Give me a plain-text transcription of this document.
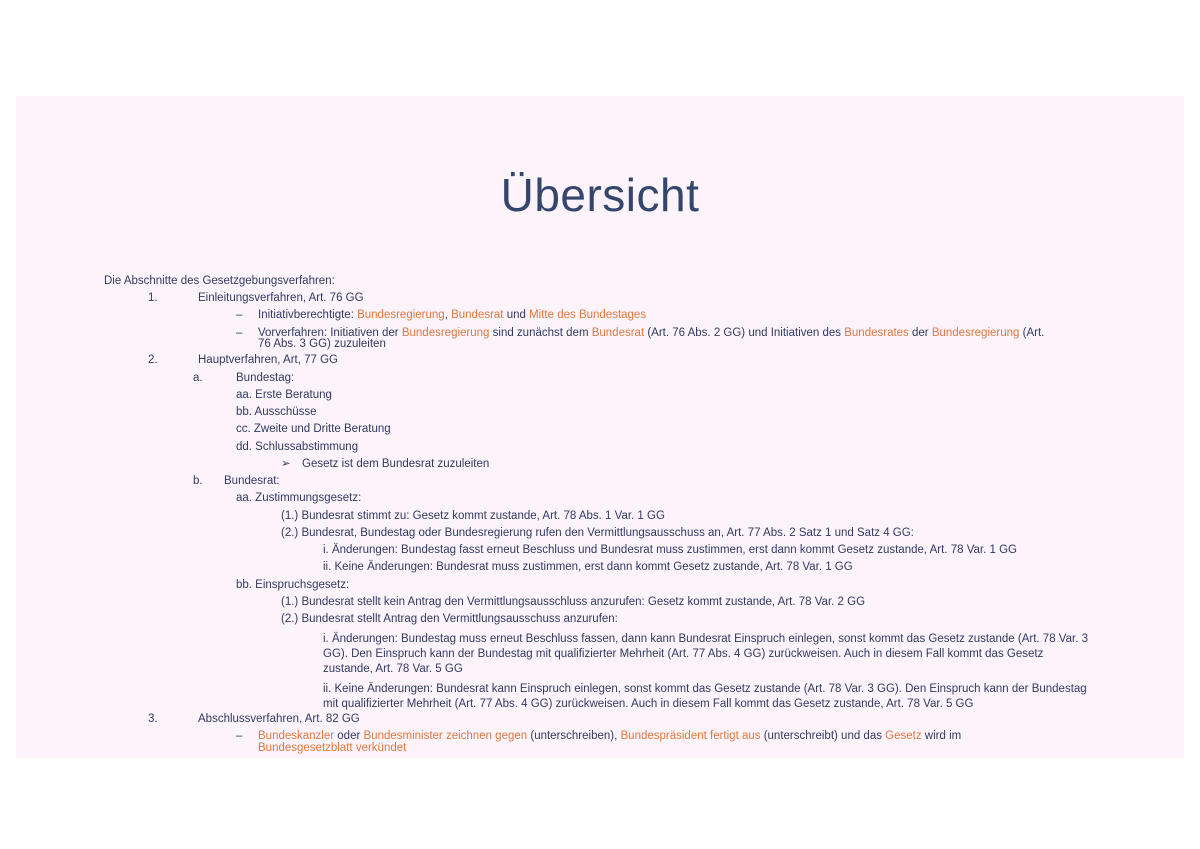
Übersicht
Die Abschnitte des Gesetzgebungsverfahren:
1.	Einleitungsverfahren, Art. 76 GG
– Initiativberechtigte: Bundesregierung, Bundesrat und Mitte des Bundestages
– Vorverfahren: Initiativen der Bundesregierung sind zunächst dem Bundesrat (Art. 76 Abs. 2 GG) und Initiativen des Bundesrates der Bundesregierung (Art.
76 Abs. 3 GG) zuzuleiten
2.	Hauptverfahren, Art, 77 GG
a.	Bundestag:
aa. Erste Beratung
bb. Ausschüsse
cc. Zweite und Dritte Beratung
dd. Schlussabstimmung
➢ Gesetz ist dem Bundesrat zuzuleiten
b. Bundesrat:
aa. Zustimmungsgesetz:
(1.) Bundesrat stimmt zu: Gesetz kommt zustande, Art. 78 Abs. 1 Var. 1 GG
(2.) Bundesrat, Bundestag oder Bundesregierung rufen den Vermittlungsausschuss an, Art. 77 Abs. 2 Satz 1 und Satz 4 GG:
i. Änderungen: Bundestag fasst erneut Beschluss und Bundesrat muss zustimmen, erst dann kommt Gesetz zustande, Art. 78 Var. 1 GG
ii. Keine Änderungen: Bundesrat muss zustimmen, erst dann kommt Gesetz zustande, Art. 78 Var. 1 GG
bb. Einspruchsgesetz:
(1.) Bundesrat stellt kein Antrag den Vermittlungsausschluss anzurufen: Gesetz kommt zustande, Art. 78 Var. 2 GG
(2.) Bundesrat stellt Antrag den Vermittlungsausschuss anzurufen:
i. Änderungen: Bundestag muss erneut Beschluss fassen, dann kann Bundesrat Einspruch einlegen, sonst kommt das Gesetz zustande (Art. 78 Var. 3 GG). Den Einspruch kann der Bundestag mit qualifizierter Mehrheit (Art. 77 Abs. 4 GG) zurückweisen. Auch in diesem Fall kommt das Gesetz zustande, Art. 78 Var. 5 GG
ii. Keine Änderungen: Bundesrat kann Einspruch einlegen, sonst kommt das Gesetz zustande (Art. 78 Var. 3 GG). Den Einspruch kann der Bundestag mit qualifizierter Mehrheit (Art. 77 Abs. 4 GG) zurückweisen. Auch in diesem Fall kommt das Gesetz zustande, Art. 78 Var. 5 GG
3.	Abschlussverfahren, Art. 82 GG
– Bundeskanzler oder Bundesminister zeichnen gegen (unterschreiben), Bundespräsident fertigt aus (unterschreibt) und das Gesetz wird im
Bundesgesetzblatt verkündet
